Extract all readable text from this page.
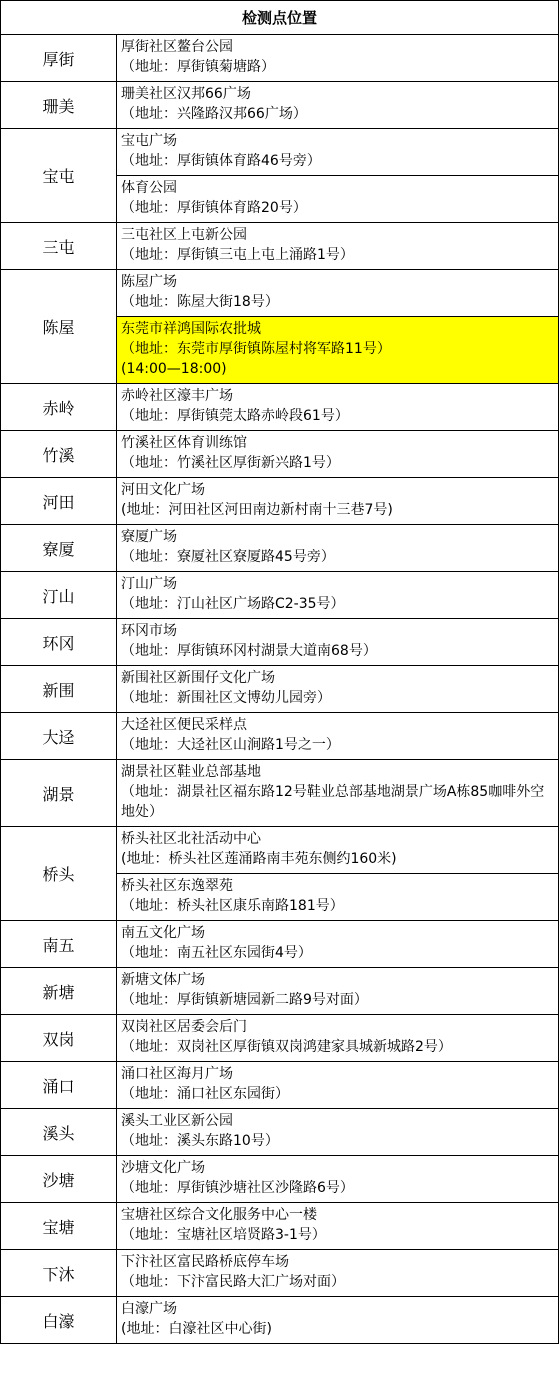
检测点位置	
厚街	厚街社区鳌台公园
（地址：厚街镇菊塘路）

珊美	珊美社区汉邦66广场
（地址：兴隆路汉邦66广场）

宝屯	宝屯广场
（地址：厚街镇体育路46号旁）

	体育公园
（地址：厚街镇体育路20号）

三屯	三屯社区上屯新公园
（地址：厚街镇三屯上屯上涌路1号）

陈屋	陈屋广场
（地址：陈屋大街18号）

	东莞市祥鸿国际农批城
（地址：东莞市厚街镇陈屋村将军路11号）
(14:00—18:00)

赤岭	赤岭社区濠丰广场
（地址：厚街镇莞太路赤岭段61号）

竹溪	竹溪社区体育训练馆
（地址：竹溪社区厚街新兴路1号）

河田	河田文化广场
(地址：河田社区河田南边新村南十三巷7号)

寮厦	寮厦广场
（地址：寮厦社区寮厦路45号旁）

汀山	汀山广场
（地址：汀山社区广场路C2-35号）

环冈	环冈市场
（地址：厚街镇环冈村湖景大道南68号）

新围	新围社区新围仔文化广场
（地址：新围社区文博幼儿园旁）

大迳	大迳社区便民采样点
（地址：大迳社区山涧路1号之一）

湖景	湖景社区鞋业总部基地
（地址：湖景社区福东路12号鞋业总部基地湖景广场A栋85咖啡外空地处）

桥头	桥头社区北社活动中心
(地址：桥头社区莲涌路南丰苑东侧约160米)

	桥头社区东逸翠苑
（地址：桥头社区康乐南路181号）

南五	南五文化广场
（地址：南五社区东园街4号）

新塘	新塘文体广场
（地址：厚街镇新塘园新二路9号对面）

双岗	双岗社区居委会后门
（地址：双岗社区厚街镇双岗鸿建家具城新城路2号）

涌口	涌口社区海月广场
（地址：涌口社区东园街）

溪头	溪头工业区新公园
（地址：溪头东路10号）

沙塘	沙塘文化广场
（地址：厚街镇沙塘社区沙隆路6号）

宝塘	宝塘社区综合文化服务中心一楼
（地址：宝塘社区培贤路3-1号）

下沐	下汴社区富民路桥底停车场
（地址：下汴富民路大汇广场对面）

白濠	白濠广场
(地址：白濠社区中心街)
